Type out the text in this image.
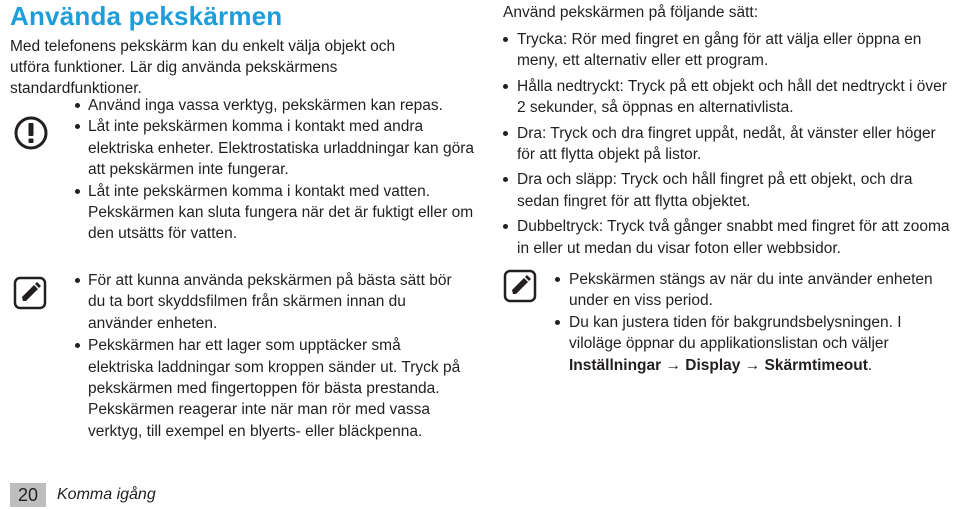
Använda pekskärmen
Med telefonens pekskärm kan du enkelt välja objekt och utföra funktioner. Lär dig använda pekskärmens standardfunktioner.
Använd inga vassa verktyg, pekskärmen kan repas.
Låt inte pekskärmen komma i kontakt med andra elektriska enheter. Elektrostatiska urladdningar kan göra att pekskärmen inte fungerar.
Låt inte pekskärmen komma i kontakt med vatten. Pekskärmen kan sluta fungera när det är fuktigt eller om den utsätts för vatten.
För att kunna använda pekskärmen på bästa sätt bör du ta bort skyddsfilmen från skärmen innan du använder enheten.
Pekskärmen har ett lager som upptäcker små elektriska laddningar som kroppen sänder ut. Tryck på pekskärmen med fingertoppen för bästa prestanda. Pekskärmen reagerar inte när man rör med vassa verktyg, till exempel en blyerts- eller bläckpenna.
20	Komma igång
Använd pekskärmen på följande sätt:
Trycka: Rör med fingret en gång för att välja eller öppna en meny, ett alternativ eller ett program.
Hålla nedtryckt: Tryck på ett objekt och håll det nedtryckt i över 2 sekunder, så öppnas en alternativlista.
Dra: Tryck och dra fingret uppåt, nedåt, åt vänster eller höger för att flytta objekt på listor.
Dra och släpp: Tryck och håll fingret på ett objekt, och dra sedan fingret för att flytta objektet.
Dubbeltryck: Tryck två gånger snabbt med fingret för att zooma in eller ut medan du visar foton eller webbsidor.
Pekskärmen stängs av när du inte använder enheten under en viss period.
Du kan justera tiden för bakgrundsbelysningen. I viloläge öppnar du applikationslistan och väljer Inställningar → Display → Skärmtimeout.
